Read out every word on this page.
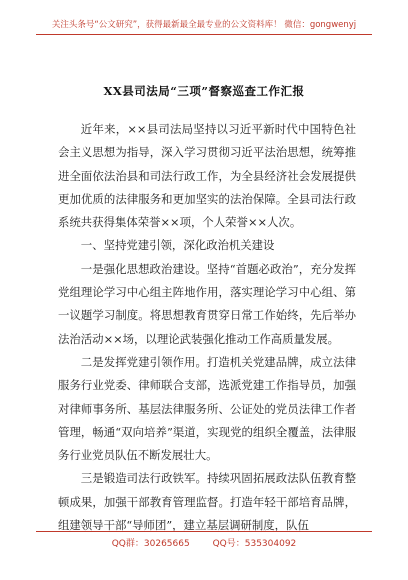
关注头条号“公文研究”，获得最新最全最专业的公文资料库！ 微信：gongwenyj
XX县司法局“三项”督察巡查工作汇报

近年来，××县司法局坚持以习近平新时代中国特色社会主义思想为指导，深入学习贯彻习近平法治思想，统筹推进全面依法治县和司法行政工作，为全县经济社会发展提供更加优质的法律服务和更加坚实的法治保障。全县司法行政系统共获得集体荣誉××项，个人荣誉××人次。

一、坚持党建引领，深化政治机关建设

一是强化思想政治建设。坚持“首题必政治”，充分发挥党组理论学习中心组主阵地作用，落实理论学习中心组、第一议题学习制度。将思想教育贯穿日常工作始终，先后举办法治活动××场，以理论武装强化推动工作高质量发展。

二是发挥党建引领作用。打造机关党建品牌，成立法律服务行业党委、律师联合支部，选派党建工作指导员，加强对律师事务所、基层法律服务所、公证处的党员法律工作者管理，畅通“双向培养”渠道，实现党的组织全覆盖，法律服务行业党员队伍不断发展壮大。

三是锻造司法行政铁军。持续巩固拓展政法队伍教育整顿成果，加强干部教育管理监督。打造年轻干部培育品牌，组建领导干部“导师团”，建立基层调研制度，队伍

QQ群：30265665	QQ号：535304092
